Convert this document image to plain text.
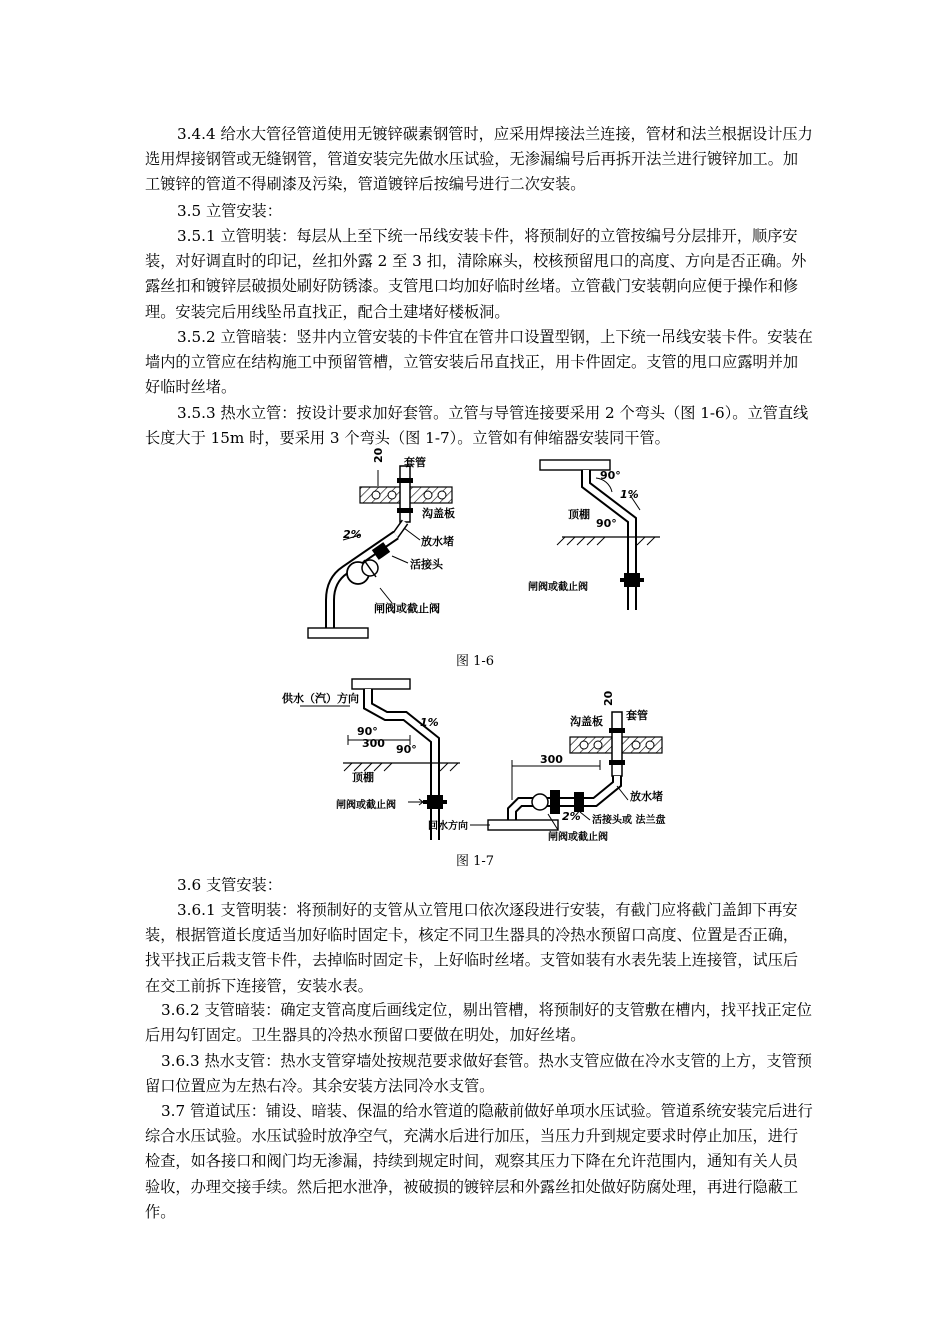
3.4.4 给水大管径管道使用无镀锌碳素钢管时，应采用焊接法兰连接，管材和法兰根据设计压力选用焊接钢管或无缝钢管，管道安装完先做水压试验，无渗漏编号后再拆开法兰进行镀锌加工。加工镀锌的管道不得刷漆及污染，管道镀锌后按编号进行二次安装。

3.5 立管安装：

3.5.1 立管明装：每层从上至下统一吊线安装卡件，将预制好的立管按编号分层排开，顺序安装，对好调直时的印记，丝扣外露 2 至 3 扣，清除麻头，校核预留甩口的高度、方向是否正确。外露丝扣和镀锌层破损处刷好防锈漆。支管甩口均加好临时丝堵。立管截门安装朝向应便于操作和修理。安装完后用线坠吊直找正，配合土建堵好楼板洞。

3.5.2 立管暗装：竖井内立管安装的卡件宜在管井口设置型钢，上下统一吊线安装卡件。安装在墙内的立管应在结构施工中预留管槽，立管安装后吊直找正，用卡件固定。支管的甩口应露明并加好临时丝堵。

3.5.3 热水立管：按设计要求加好套管。立管与导管连接要采用 2 个弯头（图 1-6）。立管直线长度大于 15m 时，要采用 3 个弯头（图 1-7）。立管如有伸缩器安装同干管。

20 套管
沟盖板
2%
放水堵
活接头
闸阀或截止阀
90°
1%
顶棚
90°
闸阀或截止阀
供水（汽）方向
1%
90°
300 90°
顶棚
闸阀或截止阀
沟盖板
20
套管
300
放水堵
2% 活接头或 法兰盘
回水方向
闸阀或截止阀
图 1-6
图 1-7

3.6 支管安装：

3.6.1 支管明装：将预制好的支管从立管甩口依次逐段进行安装，有截门应将截门盖卸下再安装，根据管道长度适当加好临时固定卡，核定不同卫生器具的冷热水预留口高度、位置是否正确，找平找正后栽支管卡件，去掉临时固定卡，上好临时丝堵。支管如装有水表先装上连接管，试压后在交工前拆下连接管，安装水表。

3.6.2 支管暗装：确定支管高度后画线定位，剔出管槽，将预制好的支管敷在槽内，找平找正定位后用勾钉固定。卫生器具的冷热水预留口要做在明处，加好丝堵。

3.6.3 热水支管：热水支管穿墙处按规范要求做好套管。热水支管应做在冷水支管的上方，支管预留口位置应为左热右冷。其余安装方法同冷水支管。

3.7 管道试压：铺设、暗装、保温的给水管道的隐蔽前做好单项水压试验。管道系统安装完后进行综合水压试验。水压试验时放净空气，充满水后进行加压，当压力升到规定要求时停止加压，进行检查，如各接口和阀门均无渗漏，持续到规定时间，观察其压力下降在允许范围内，通知有关人员验收，办理交接手续。然后把水泄净，被破损的镀锌层和外露丝扣处做好防腐处理，再进行隐蔽工作。
